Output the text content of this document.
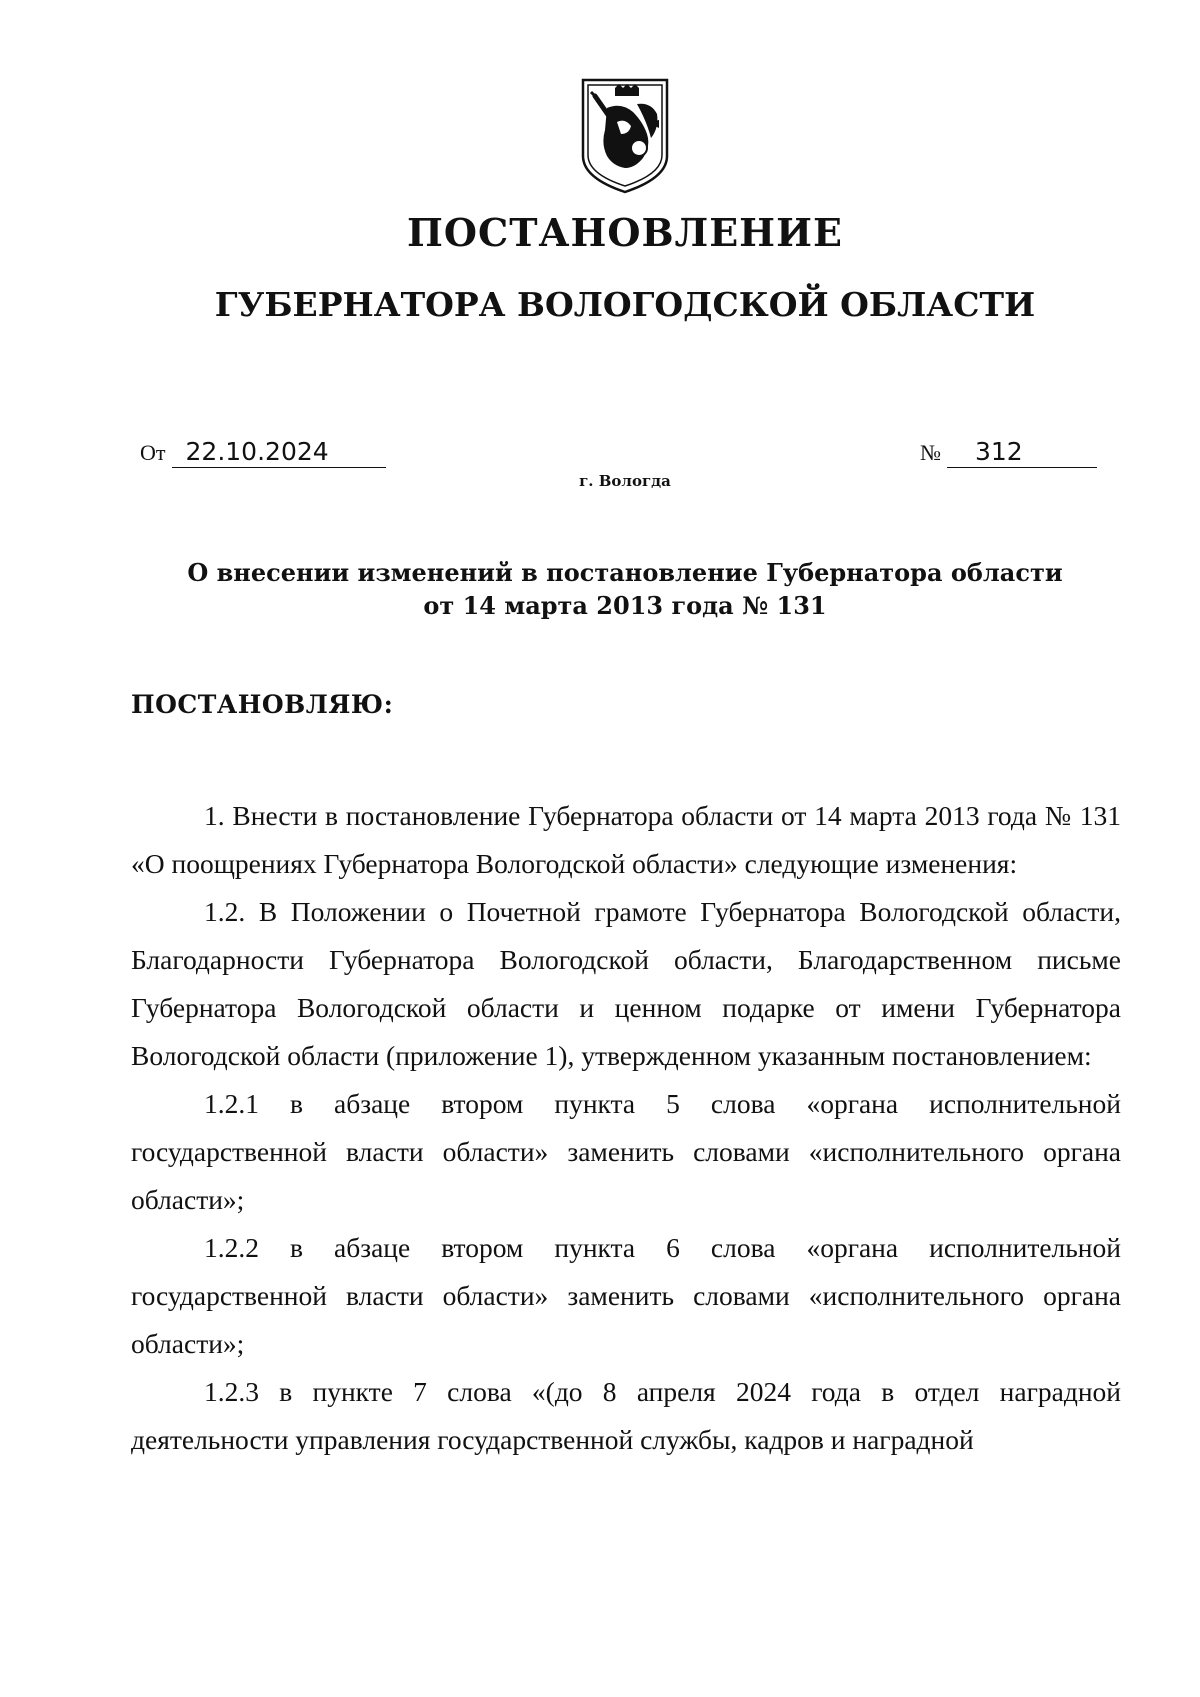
ПОСТАНОВЛЕНИЕ
ГУБЕРНАТОРА ВОЛОГОДСКОЙ ОБЛАСТИ
От 22.10.2024	№ 312
г. Вологда
О внесении изменений в постановление Губернатора области
от 14 марта 2013 года № 131
ПОСТАНОВЛЯЮ:

1. Внести в постановление Губернатора области от 14 марта 2013 года № 131 «О поощрениях Губернатора Вологодской области» следующие изменения:

1.2. В Положении о Почетной грамоте Губернатора Вологодской области, Благодарности Губернатора Вологодской области, Благодарственном письме Губернатора Вологодской области и ценном подарке от имени Губернатора Вологодской области (приложение 1), утвержденном указанным постановлением:

1.2.1 в абзаце втором пункта 5 слова «органа исполнительной государственной власти области» заменить словами «исполнительного органа области»;

1.2.2 в абзаце втором пункта 6 слова «органа исполнительной государственной власти области» заменить словами «исполнительного органа области»;

1.2.3 в пункте 7 слова «(до 8 апреля 2024 года в отдел наградной деятельности управления государственной службы, кадров и наградной
